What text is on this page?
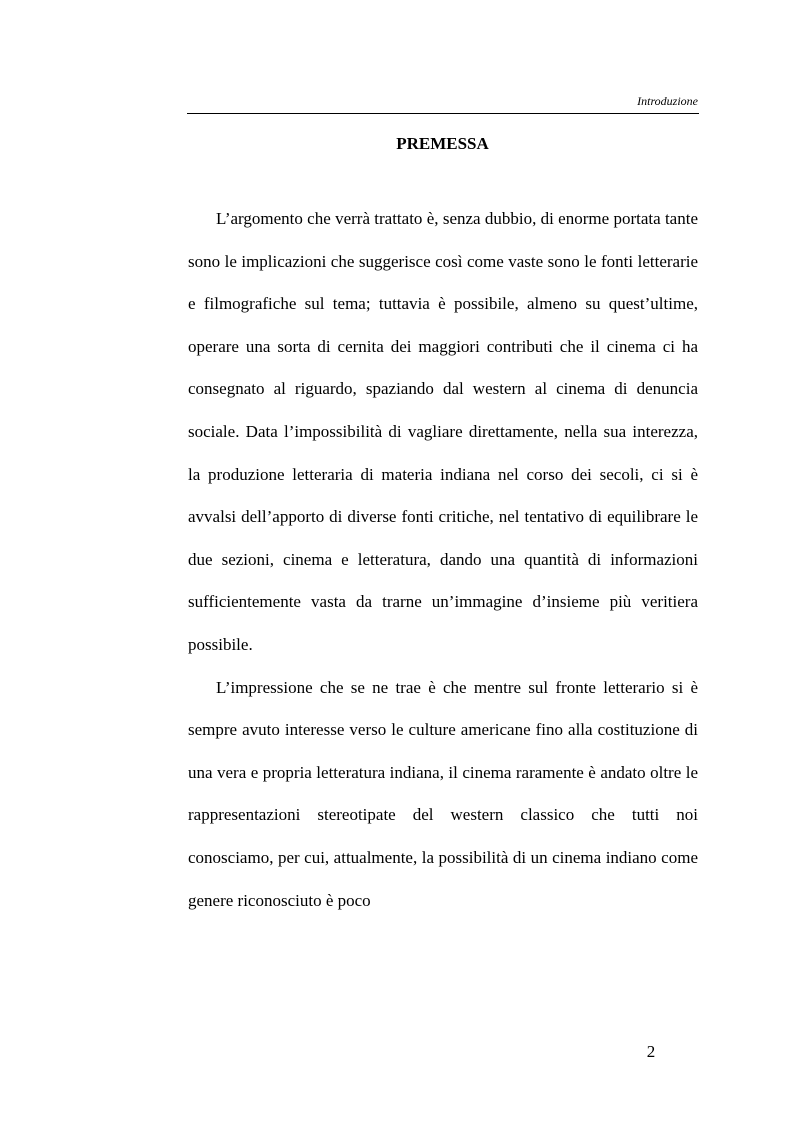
Introduzione
PREMESSA

L’argomento che verrà trattato è, senza dubbio, di enorme portata tante sono le implicazioni che suggerisce così come vaste sono le fonti letterarie e filmografiche sul tema; tuttavia è possibile, almeno su quest’ultime, operare una sorta di cernita dei maggiori contributi che il cinema ci ha consegnato al riguardo, spaziando dal western al cinema di denuncia sociale. Data l’impossibilità di vagliare direttamente, nella sua interezza, la produzione letteraria di materia indiana nel corso dei secoli, ci si è avvalsi dell’apporto di diverse fonti critiche, nel tentativo di equilibrare le due sezioni, cinema e letteratura, dando una quantità di informazioni sufficientemente vasta da trarne un’immagine d’insieme più veritiera possibile.

L’impressione che se ne trae è che mentre sul fronte letterario si è sempre avuto interesse verso le culture americane fino alla costituzione di una vera e propria letteratura indiana, il cinema raramente è andato oltre le rappresentazioni stereotipate del western classico che tutti noi conosciamo, per cui, attualmente, la possibilità di un cinema indiano come genere riconosciuto è poco

2
